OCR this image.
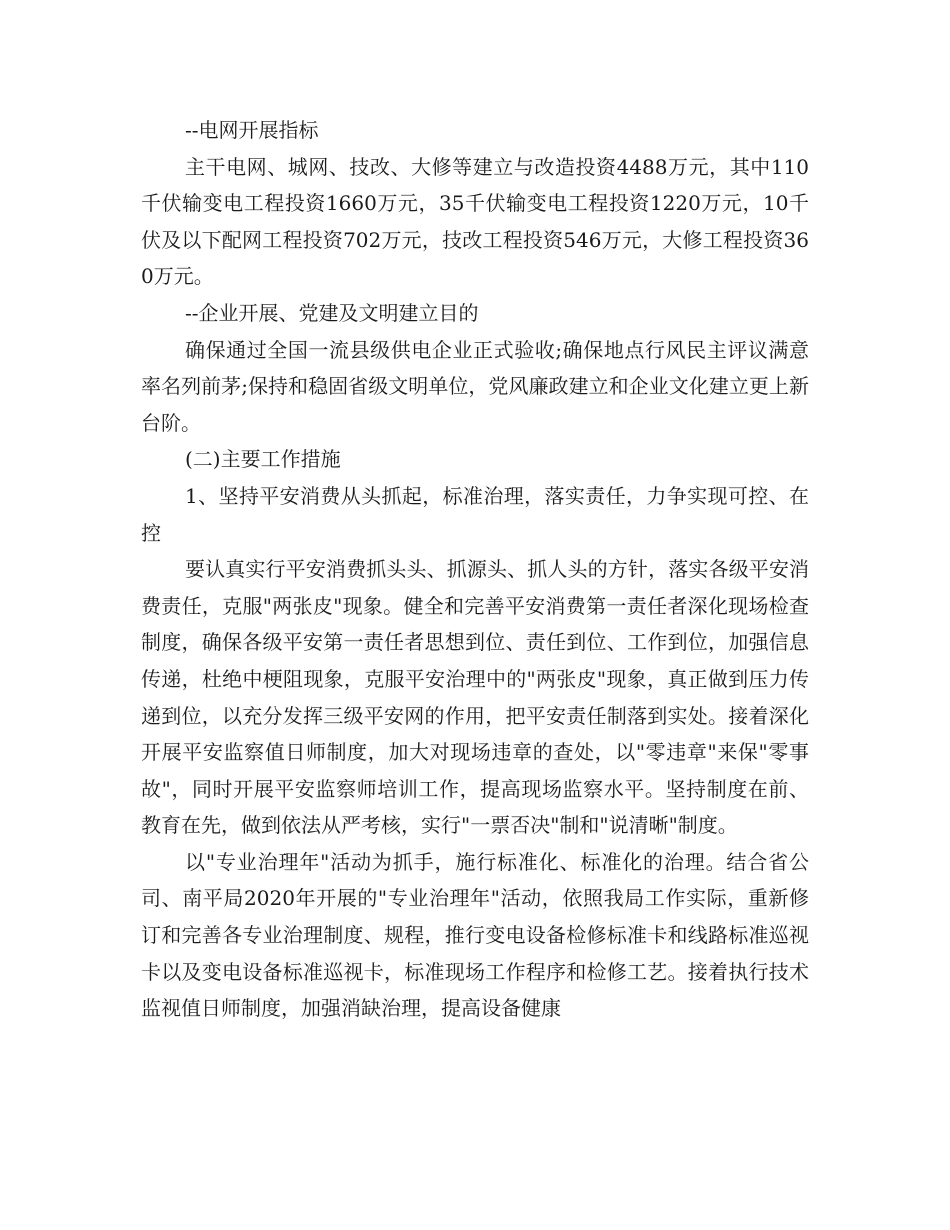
--电网开展指标

主干电网、城网、技改、大修等建立与改造投资4488万元，其中110千伏输变电工程投资1660万元，35千伏输变电工程投资1220万元，10千伏及以下配网工程投资702万元，技改工程投资546万元，大修工程投资360万元。

--企业开展、党建及文明建立目的

确保通过全国一流县级供电企业正式验收;确保地点行风民主评议满意率名列前茅;保持和稳固省级文明单位，党风廉政建立和企业文化建立更上新台阶。

(二)主要工作措施

1、坚持平安消费从头抓起，标准治理，落实责任，力争实现可控、在控

要认真实行平安消费抓头头、抓源头、抓人头的方针，落实各级平安消费责任，克服"两张皮"现象。健全和完善平安消费第一责任者深化现场检查制度，确保各级平安第一责任者思想到位、责任到位、工作到位，加强信息传递，杜绝中梗阻现象，克服平安治理中的"两张皮"现象，真正做到压力传递到位，以充分发挥三级平安网的作用，把平安责任制落到实处。接着深化开展平安监察值日师制度，加大对现场违章的查处，以"零违章"来保"零事故"，同时开展平安监察师培训工作，提高现场监察水平。坚持制度在前、教育在先，做到依法从严考核，实行"一票否决"制和"说清晰"制度。

以"专业治理年"活动为抓手，施行标准化、标准化的治理。结合省公司、南平局2020年开展的"专业治理年"活动，依照我局工作实际，重新修订和完善各专业治理制度、规程，推行变电设备检修标准卡和线路标准巡视卡以及变电设备标准巡视卡，标准现场工作程序和检修工艺。接着执行技术监视值日师制度，加强消缺治理，提高设备健康
